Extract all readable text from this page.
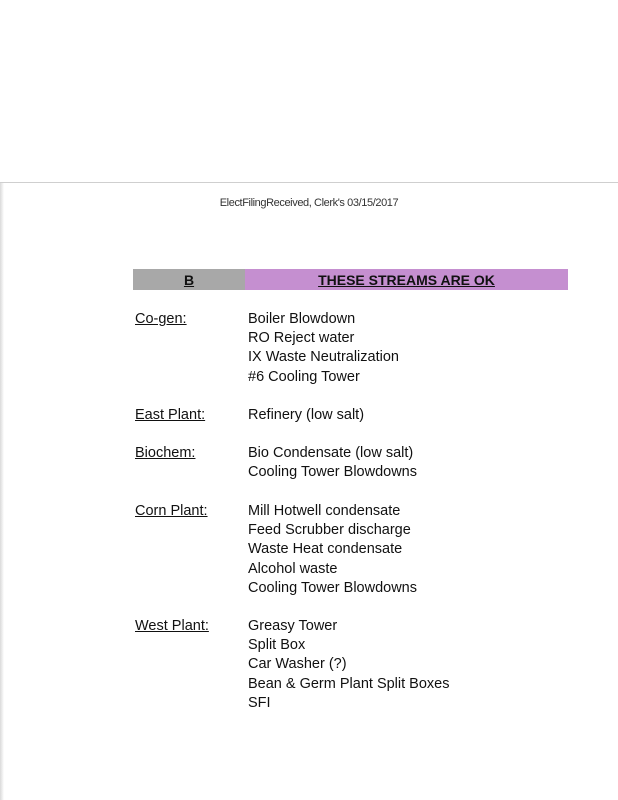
ElectFilingReceived, Clerk's 03/15/2017
B	THESE STREAMS ARE OK
Co-gen:	Boiler Blowdown
RO Reject water
IX Waste Neutralization
#6 Cooling Tower
East Plant:	Refinery (low salt)
Biochem:	Bio Condensate (low salt)
Cooling Tower Blowdowns
Corn Plant:	Mill Hotwell condensate
Feed Scrubber discharge
Waste Heat condensate
Alcohol waste
Cooling Tower Blowdowns
West Plant:	Greasy Tower
Split Box
Car Washer (?)
Bean & Germ Plant Split Boxes
SFI
